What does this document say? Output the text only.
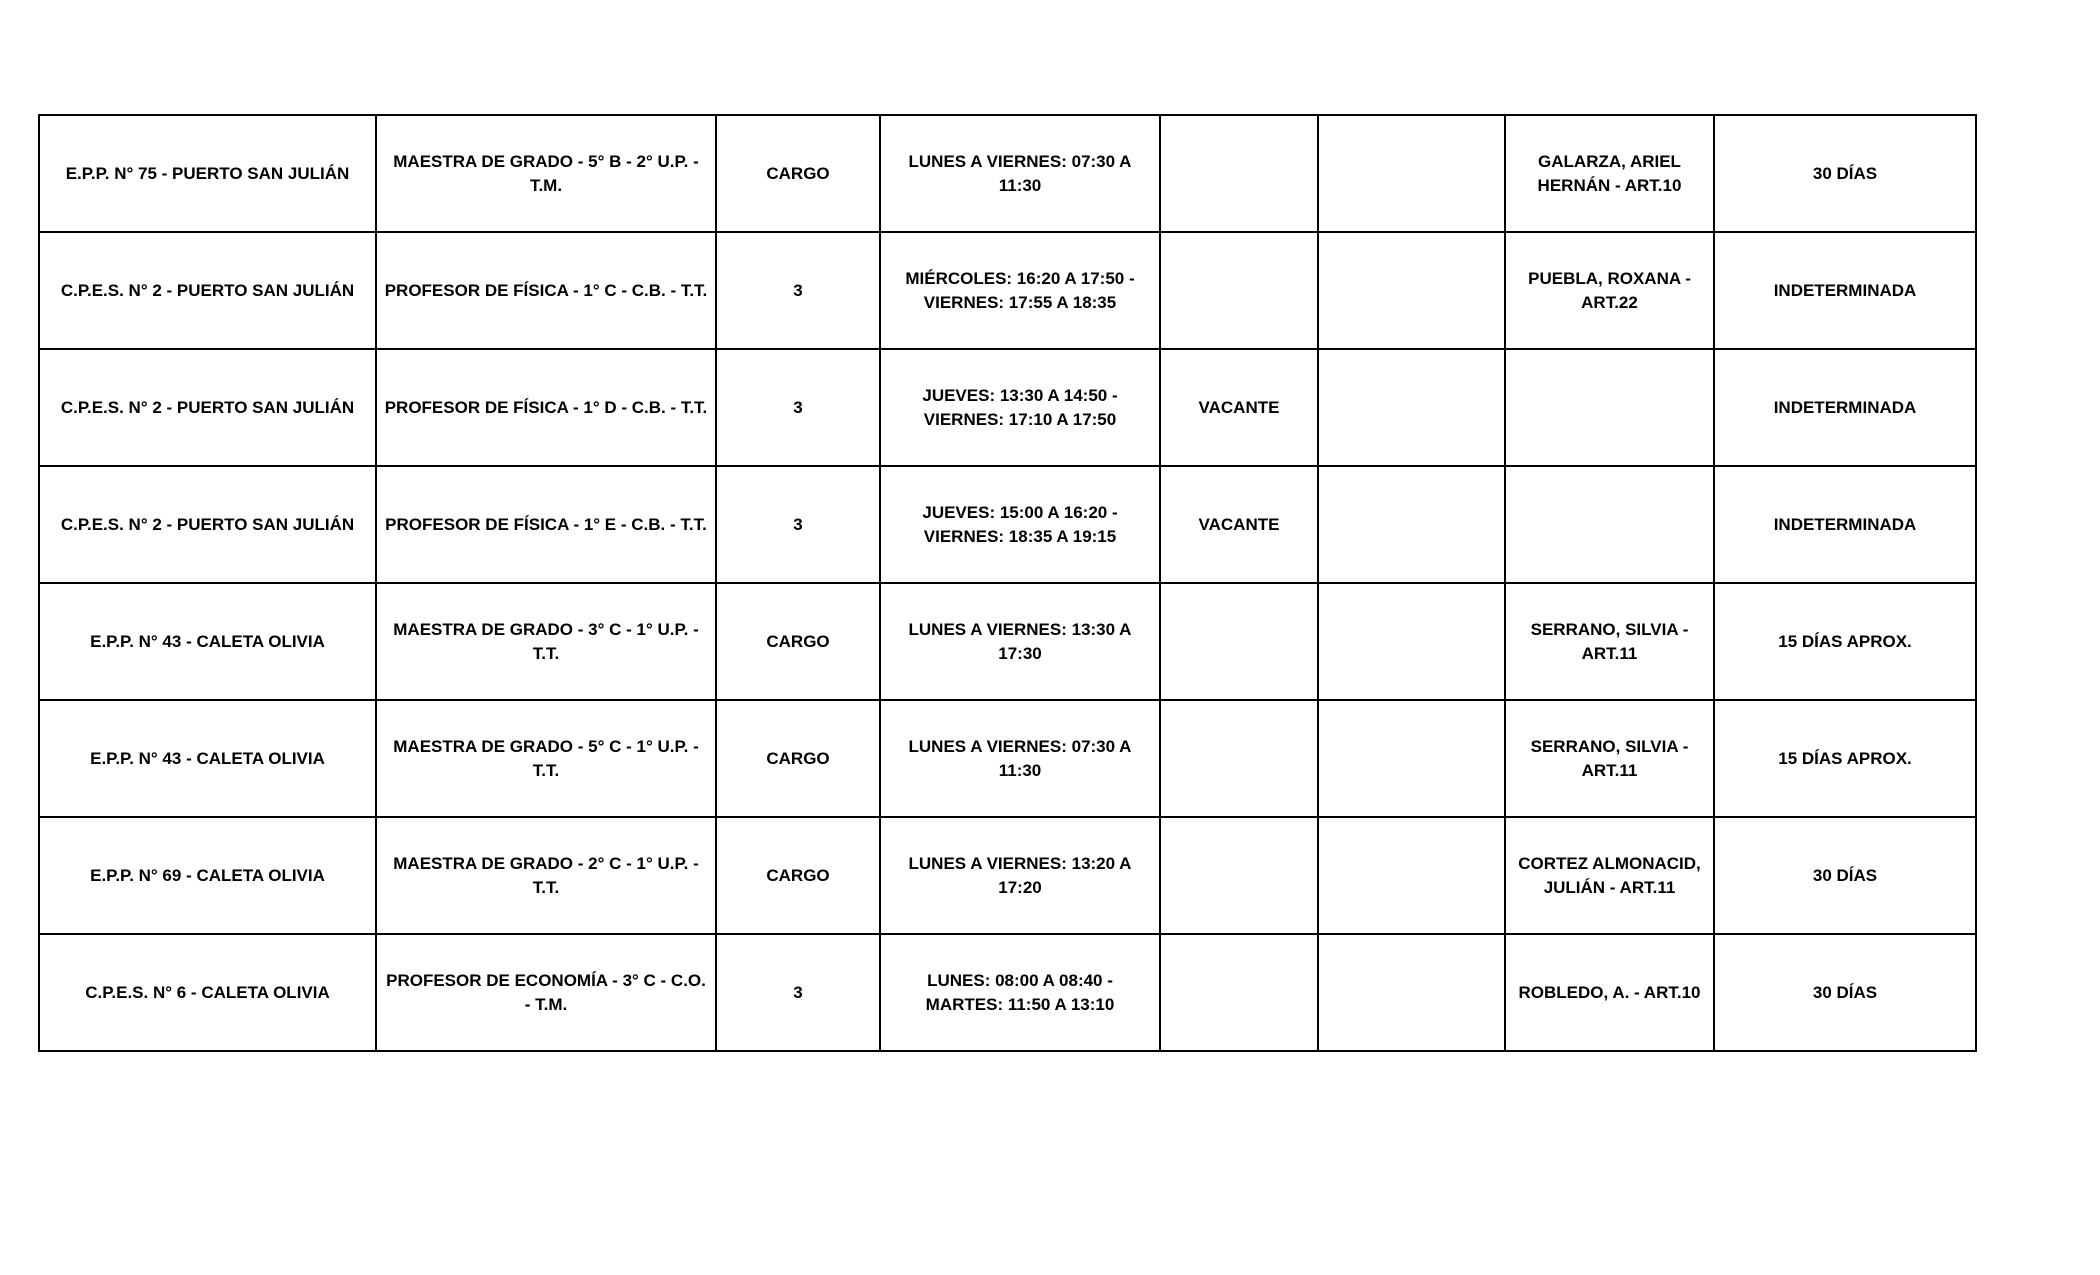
E.P.P. N° 75 - PUERTO SAN JULIÁN	MAESTRA DE GRADO - 5° B - 2° U.P. - T.M.	CARGO	LUNES A VIERNES: 07:30 A 11:30			GALARZA, ARIEL HERNÁN - ART.10	30 DÍAS
C.P.E.S. N° 2 - PUERTO SAN JULIÁN	PROFESOR DE FÍSICA - 1° C - C.B. - T.T.	3	MIÉRCOLES: 16:20 A 17:50 - VIERNES: 17:55 A 18:35			PUEBLA, ROXANA - ART.22	INDETERMINADA
C.P.E.S. N° 2 - PUERTO SAN JULIÁN	PROFESOR DE FÍSICA - 1° D - C.B. - T.T.	3	JUEVES: 13:30 A 14:50 - VIERNES: 17:10 A 17:50	VACANTE			INDETERMINADA
C.P.E.S. N° 2 - PUERTO SAN JULIÁN	PROFESOR DE FÍSICA - 1° E - C.B. - T.T.	3	JUEVES: 15:00 A 16:20 - VIERNES: 18:35 A 19:15	VACANTE			INDETERMINADA
E.P.P. N° 43 - CALETA OLIVIA	MAESTRA DE GRADO - 3° C - 1° U.P. - T.T.	CARGO	LUNES A VIERNES: 13:30 A 17:30			SERRANO, SILVIA - ART.11	15 DÍAS APROX.
E.P.P. N° 43 - CALETA OLIVIA	MAESTRA DE GRADO - 5° C - 1° U.P. - T.T.	CARGO	LUNES A VIERNES: 07:30 A 11:30			SERRANO, SILVIA - ART.11	15 DÍAS APROX.
E.P.P. N° 69 - CALETA OLIVIA	MAESTRA DE GRADO - 2° C - 1° U.P. - T.T.	CARGO	LUNES A VIERNES: 13:20 A 17:20			CORTEZ ALMONACID, JULIÁN - ART.11	30 DÍAS
C.P.E.S. N° 6 - CALETA OLIVIA	PROFESOR DE ECONOMÍA - 3° C - C.O. - T.M.	3	LUNES: 08:00 A 08:40 - MARTES: 11:50 A 13:10			ROBLEDO, A. - ART.10	30 DÍAS
